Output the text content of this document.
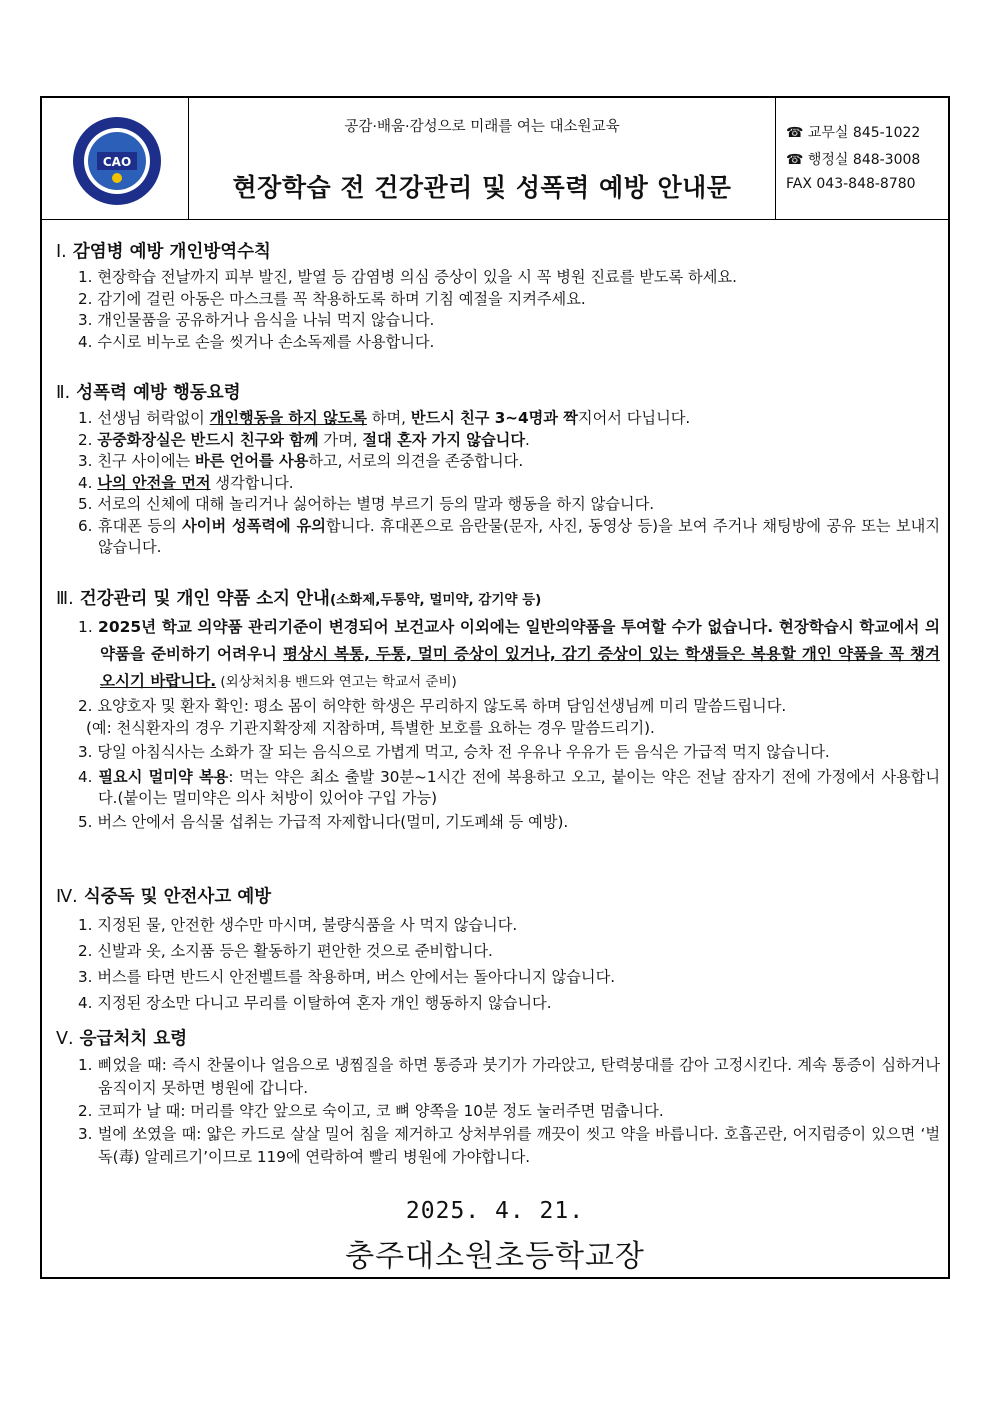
CAO
공감·배움·감성으로 미래를 여는 대소원교육
현장학습 전 건강관리 및 성폭력 예방 안내문
☎ 교무실 845-1022
☎ 행정실 848-3008
FAX 043-848-8780

Ⅰ. 감염병 예방 개인방역수칙

1. 현장학습 전날까지 피부 발진, 발열 등 감염병 의심 증상이 있을 시 꼭 병원 진료를 받도록 하세요.
2. 감기에 걸린 아동은 마스크를 꼭 착용하도록 하며 기침 예절을 지켜주세요.
3. 개인물품을 공유하거나 음식을 나눠 먹지 않습니다.
4. 수시로 비누로 손을 씻거나 손소독제를 사용합니다.

Ⅱ. 성폭력 예방 행동요령

1. 선생님 허락없이 개인행동을 하지 않도록 하며, 반드시 친구 3~4명과 짝지어서 다닙니다.
2. 공중화장실은 반드시 친구와 함께 가며, 절대 혼자 가지 않습니다.
3. 친구 사이에는 바른 언어를 사용하고, 서로의 의견을 존중합니다.
4. 나의 안전을 먼저 생각합니다.
5. 서로의 신체에 대해 놀리거나 싫어하는 별명 부르기 등의 말과 행동을 하지 않습니다.
6. 휴대폰 등의 사이버 성폭력에 유의합니다. 휴대폰으로 음란물(문자, 사진, 동영상 등)을 보여 주거나 채팅방에 공유 또는 보내지 않습니다.

Ⅲ. 건강관리 및 개인 약품 소지 안내(소화제,두통약, 멀미약, 감기약 등)

1. 2025년 학교 의약품 관리기준이 변경되어 보건교사 이외에는 일반의약품을 투여할 수가 없습니다. 현장학습시 학교에서 의약품을 준비하기 어려우니 평상시 복통, 두통, 멀미 증상이 있거나, 감기 증상이 있는 학생들은 복용할 개인 약품을 꼭 챙겨오시기 바랍니다. (외상처치용 밴드와 연고는 학교서 준비)
2. 요양호자 및 환자 확인: 평소 몸이 허약한 학생은 무리하지 않도록 하며 담임선생님께 미리 말씀드립니다.
(예: 천식환자의 경우 기관지확장제 지참하며, 특별한 보호를 요하는 경우 말씀드리기).
3. 당일 아침식사는 소화가 잘 되는 음식으로 가볍게 먹고, 승차 전 우유나 우유가 든 음식은 가급적 먹지 않습니다.
4. 필요시 멀미약 복용: 먹는 약은 최소 출발 30분~1시간 전에 복용하고 오고, 붙이는 약은 전날 잠자기 전에 가정에서 사용합니다.(붙이는 멀미약은 의사 처방이 있어야 구입 가능)
5. 버스 안에서 음식물 섭취는 가급적 자제합니다(멀미, 기도폐쇄 등 예방).

Ⅳ. 식중독 및 안전사고 예방

1. 지정된 물, 안전한 생수만 마시며, 불량식품을 사 먹지 않습니다.
2. 신발과 옷, 소지품 등은 활동하기 편안한 것으로 준비합니다.
3. 버스를 타면 반드시 안전벨트를 착용하며, 버스 안에서는 돌아다니지 않습니다.
4. 지정된 장소만 다니고 무리를 이탈하여 혼자 개인 행동하지 않습니다.

Ⅴ. 응급처치 요령

1. 삐었을 때: 즉시 찬물이나 얼음으로 냉찜질을 하면 통증과 붓기가 가라앉고, 탄력붕대를 감아 고정시킨다. 계속 통증이 심하거나 움직이지 못하면 병원에 갑니다.
2. 코피가 날 때: 머리를 약간 앞으로 숙이고, 코 뼈 양쪽을 10분 정도 눌러주면 멈춥니다.
3. 벌에 쏘였을 때: 얇은 카드로 살살 밀어 침을 제거하고 상처부위를 깨끗이 씻고 약을 바릅니다. 호흡곤란, 어지럼증이 있으면 ‘벌독(毒) 알레르기’이므로 119에 연락하여 빨리 병원에 가야합니다.
2025. 4. 21.
충주대소원초등학교장
